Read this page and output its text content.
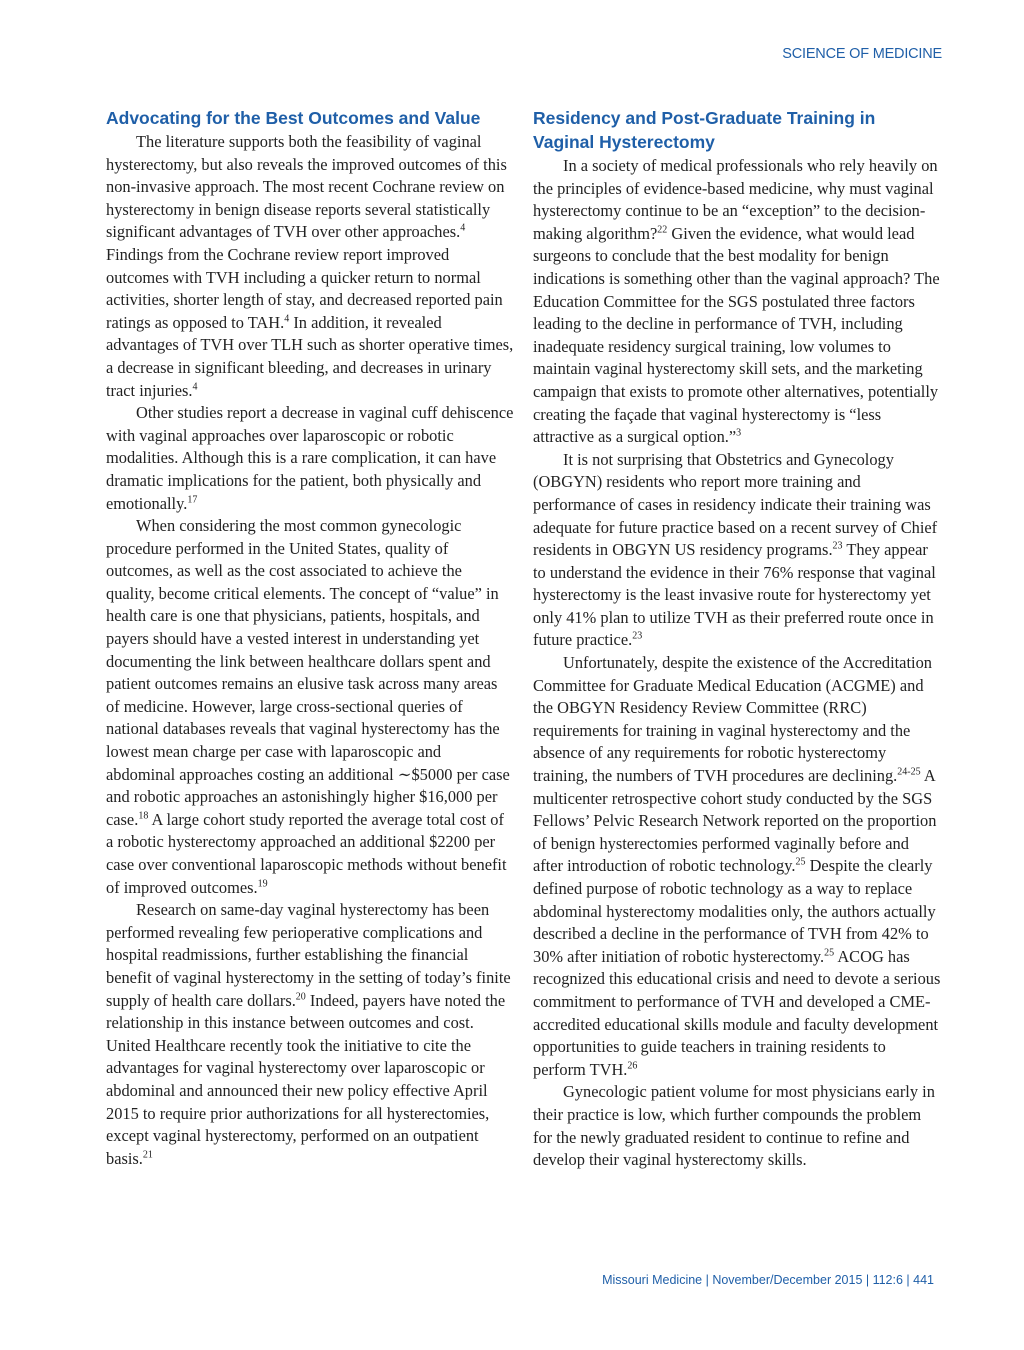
SCIENCE OF MEDICINE
Advocating for the Best Outcomes and Value

The literature supports both the feasibility of vaginal hysterectomy, but also reveals the improved outcomes of this non-invasive approach. The most recent Cochrane review on hysterectomy in benign disease reports several statistically significant advantages of TVH over other approaches.$^4$ Findings from the Cochrane review report improved outcomes with TVH including a quicker return to normal activities, shorter length of stay, and decreased reported pain ratings as opposed to TAH.$^4$ In addition, it revealed advantages of TVH over TLH such as shorter operative times, a decrease in significant bleeding, and decreases in urinary tract injuries.$^4$

Other studies report a decrease in vaginal cuff dehiscence with vaginal approaches over laparoscopic or robotic modalities. Although this is a rare complication, it can have dramatic implications for the patient, both physically and emotionally.$^{17}$

When considering the most common gynecologic procedure performed in the United States, quality of outcomes, as well as the cost associated to achieve the quality, become critical elements. The concept of “value” in health care is one that physicians, patients, hospitals, and payers should have a vested interest in understanding yet documenting the link between healthcare dollars spent and patient outcomes remains an elusive task across many areas of medicine. However, large cross-sectional queries of national databases reveals that vaginal hysterectomy has the lowest mean charge per case with laparoscopic and abdominal approaches costing an additional ∼$5000 per case and robotic approaches an astonishingly higher $16,000 per case.$^{18}$ A large cohort study reported the average total cost of a robotic hysterectomy approached an additional $2200 per case over conventional laparoscopic methods without benefit of improved outcomes.$^{19}$

Research on same-day vaginal hysterectomy has been performed revealing few perioperative complications and hospital readmissions, further establishing the financial benefit of vaginal hysterectomy in the setting of today’s finite supply of health care dollars.$^{20}$ Indeed, payers have noted the relationship in this instance between outcomes and cost. United Healthcare recently took the initiative to cite the advantages for vaginal hysterectomy over laparoscopic or abdominal and announced their new policy effective April 2015 to require prior authorizations for all hysterectomies, except vaginal hysterectomy, performed on an outpatient basis.$^{21}$

Residency and Post-Graduate Training in Vaginal Hysterectomy

In a society of medical professionals who rely heavily on the principles of evidence-based medicine, why must vaginal hysterectomy continue to be an “exception” to the decision-making algorithm?$^{22}$ Given the evidence, what would lead surgeons to conclude that the best modality for benign indications is something other than the vaginal approach? The Education Committee for the SGS postulated three factors leading to the decline in performance of TVH, including inadequate residency surgical training, low volumes to maintain vaginal hysterectomy skill sets, and the marketing campaign that exists to promote other alternatives, potentially creating the façade that vaginal hysterectomy is “less attractive as a surgical option.”$^3$

It is not surprising that Obstetrics and Gynecology (OBGYN) residents who report more training and performance of cases in residency indicate their training was adequate for future practice based on a recent survey of Chief residents in OBGYN US residency programs.$^{23}$ They appear to understand the evidence in their 76% response that vaginal hysterectomy is the least invasive route for hysterectomy yet only 41% plan to utilize TVH as their preferred route once in future practice.$^{23}$

Unfortunately, despite the existence of the Accreditation Committee for Graduate Medical Education (ACGME) and the OBGYN Residency Review Committee (RRC) requirements for training in vaginal hysterectomy and the absence of any requirements for robotic hysterectomy training, the numbers of TVH procedures are declining.$^{24-25}$ A multicenter retrospective cohort study conducted by the SGS Fellows’ Pelvic Research Network reported on the proportion of benign hysterectomies performed vaginally before and after introduction of robotic technology.$^{25}$ Despite the clearly defined purpose of robotic technology as a way to replace abdominal hysterectomy modalities only, the authors actually described a decline in the performance of TVH from 42% to 30% after initiation of robotic hysterectomy.$^{25}$ ACOG has recognized this educational crisis and need to devote a serious commitment to performance of TVH and developed a CME-accredited educational skills module and faculty development opportunities to guide teachers in training residents to perform TVH.$^{26}$

Gynecologic patient volume for most physicians early in their practice is low, which further compounds the problem for the newly graduated resident to continue to refine and develop their vaginal hysterectomy skills.

Missouri Medicine | November/December 2015 | 112:6 | 441
